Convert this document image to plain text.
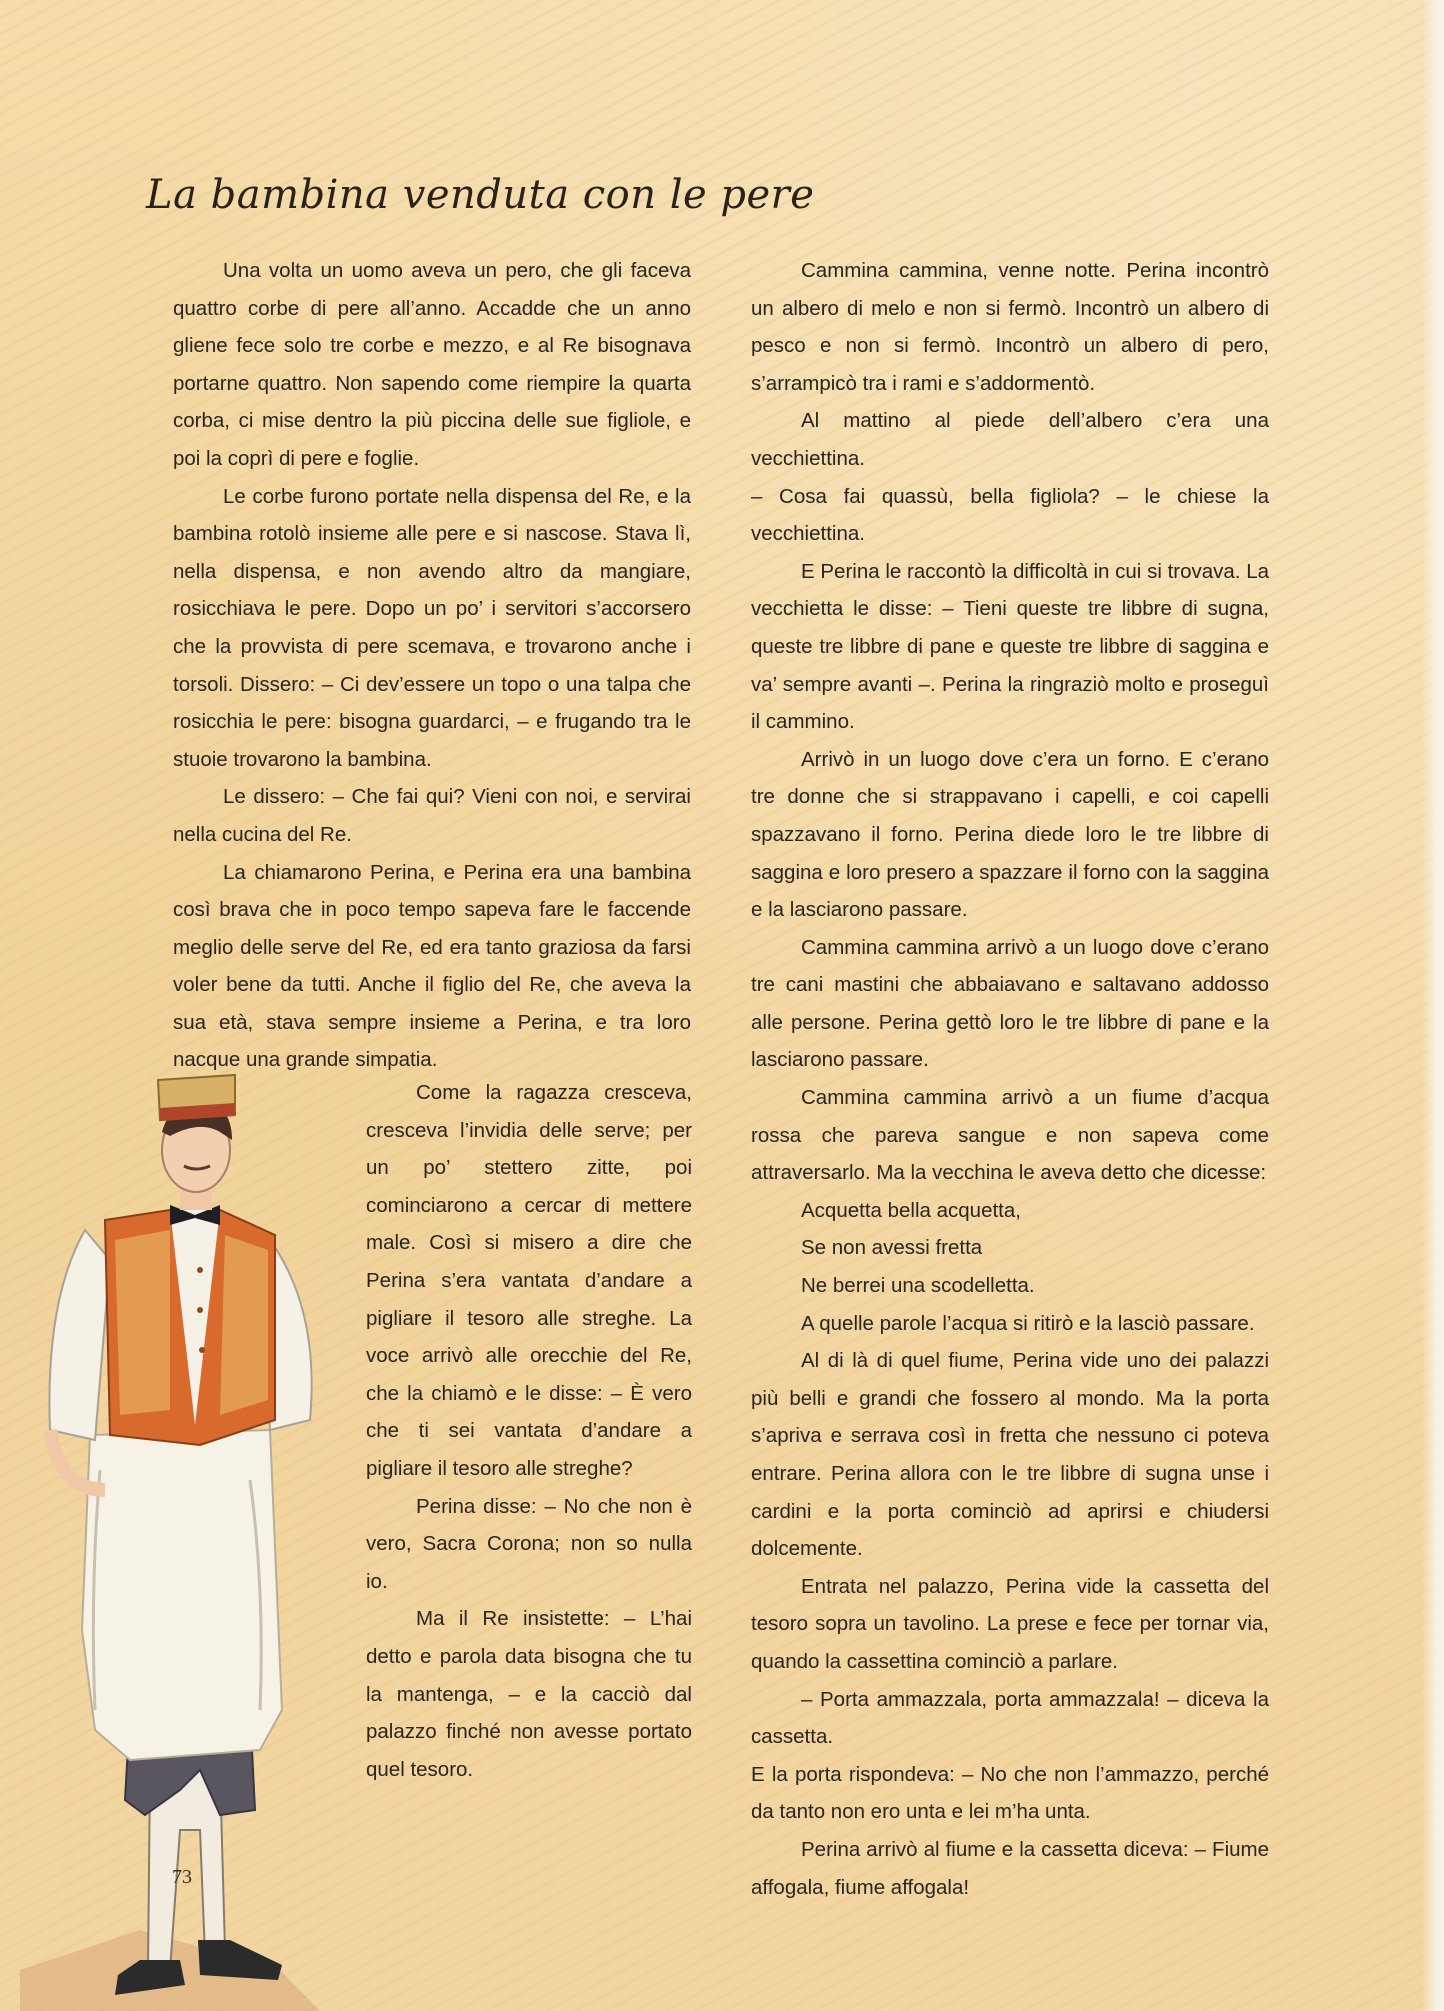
La bambina venduta con le pere

Una volta un uomo aveva un pero, che gli faceva quattro corbe di pere all’anno. Accadde che un anno gliene fece solo tre corbe e mezzo, e al Re bisognava portarne quattro. Non sapendo come riempire la quarta corba, ci mise dentro la più piccina delle sue figliole, e poi la coprì di pere e foglie.

Le corbe furono portate nella dispensa del Re, e la bambina rotolò insieme alle pere e si nascose. Stava lì, nella dispensa, e non avendo altro da mangiare, rosicchiava le pere. Dopo un po’ i servitori s’accorsero che la provvista di pere scemava, e trovarono anche i torsoli. Dissero: – Ci dev’essere un topo o una talpa che rosicchia le pere: bisogna guardarci, – e frugando tra le stuoie trovarono la bambina.

Le dissero: – Che fai qui? Vieni con noi, e servirai nella cucina del Re.

La chiamarono Perina, e Perina era una bambina così brava che in poco tempo sapeva fare le faccende meglio delle serve del Re, ed era tanto graziosa da farsi voler bene da tutti. Anche il figlio del Re, che aveva la sua età, stava sempre insieme a Perina, e tra loro nacque una grande simpatia.

Come la ragazza cresceva, cresceva l’invidia delle serve; per un po’ stettero zitte, poi cominciarono a cercar di mettere male. Così si misero a dire che Perina s’era vantata d’andare a pigliare il tesoro alle streghe. La voce arrivò alle orecchie del Re, che la chiamò e le disse: – È vero che ti sei vantata d’andare a pigliare il tesoro alle streghe?

Perina disse: – No che non è vero, Sacra Corona; non so nulla io.

Ma il Re insistette: – L’hai detto e parola data bisogna che tu la mantenga, – e la cacciò dal palazzo finché non avesse portato quel tesoro.

Cammina cammina, venne notte. Perina incontrò un albero di melo e non si fermò. Incontrò un albero di pesco e non si fermò. Incontrò un albero di pero, s’arrampicò tra i rami e s’addormentò.

Al mattino al piede dell’albero c’era una vecchiettina.

– Cosa fai quassù, bella figliola? – le chiese la vecchiettina.

E Perina le raccontò la difficoltà in cui si trovava. La vecchietta le disse: – Tieni queste tre libbre di sugna, queste tre libbre di pane e queste tre libbre di saggina e va’ sempre avanti –. Perina la ringraziò molto e proseguì il cammino.

Arrivò in un luogo dove c’era un forno. E c’erano tre donne che si strappavano i capelli, e coi capelli spazzavano il forno. Perina diede loro le tre libbre di saggina e loro presero a spazzare il forno con la saggina e la lasciarono passare.

Cammina cammina arrivò a un luogo dove c’erano tre cani mastini che abbaiavano e saltavano addosso alle persone. Perina gettò loro le tre libbre di pane e la lasciarono passare.

Cammina cammina arrivò a un fiume d’acqua rossa che pareva sangue e non sapeva come attraversarlo. Ma la vecchina le aveva detto che dicesse:

Acquetta bella acquetta,

Se non avessi fretta

Ne berrei una scodelletta.

A quelle parole l’acqua si ritirò e la lasciò passare.

Al di là di quel fiume, Perina vide uno dei palazzi più belli e grandi che fossero al mondo. Ma la porta s’apriva e serrava così in fretta che nessuno ci poteva entrare. Perina allora con le tre libbre di sugna unse i cardini e la porta cominciò ad aprirsi e chiudersi dolcemente.

Entrata nel palazzo, Perina vide la cassetta del tesoro sopra un tavolino. La prese e fece per tornar via, quando la cassettina cominciò a parlare.

– Porta ammazzala, porta ammazzala! – diceva la cassetta.

E la porta rispondeva: – No che non l’ammazzo, perché da tanto non ero unta e lei m’ha unta.

Perina arrivò al fiume e la cassetta diceva: – Fiume affogala, fiume affogala!

73
